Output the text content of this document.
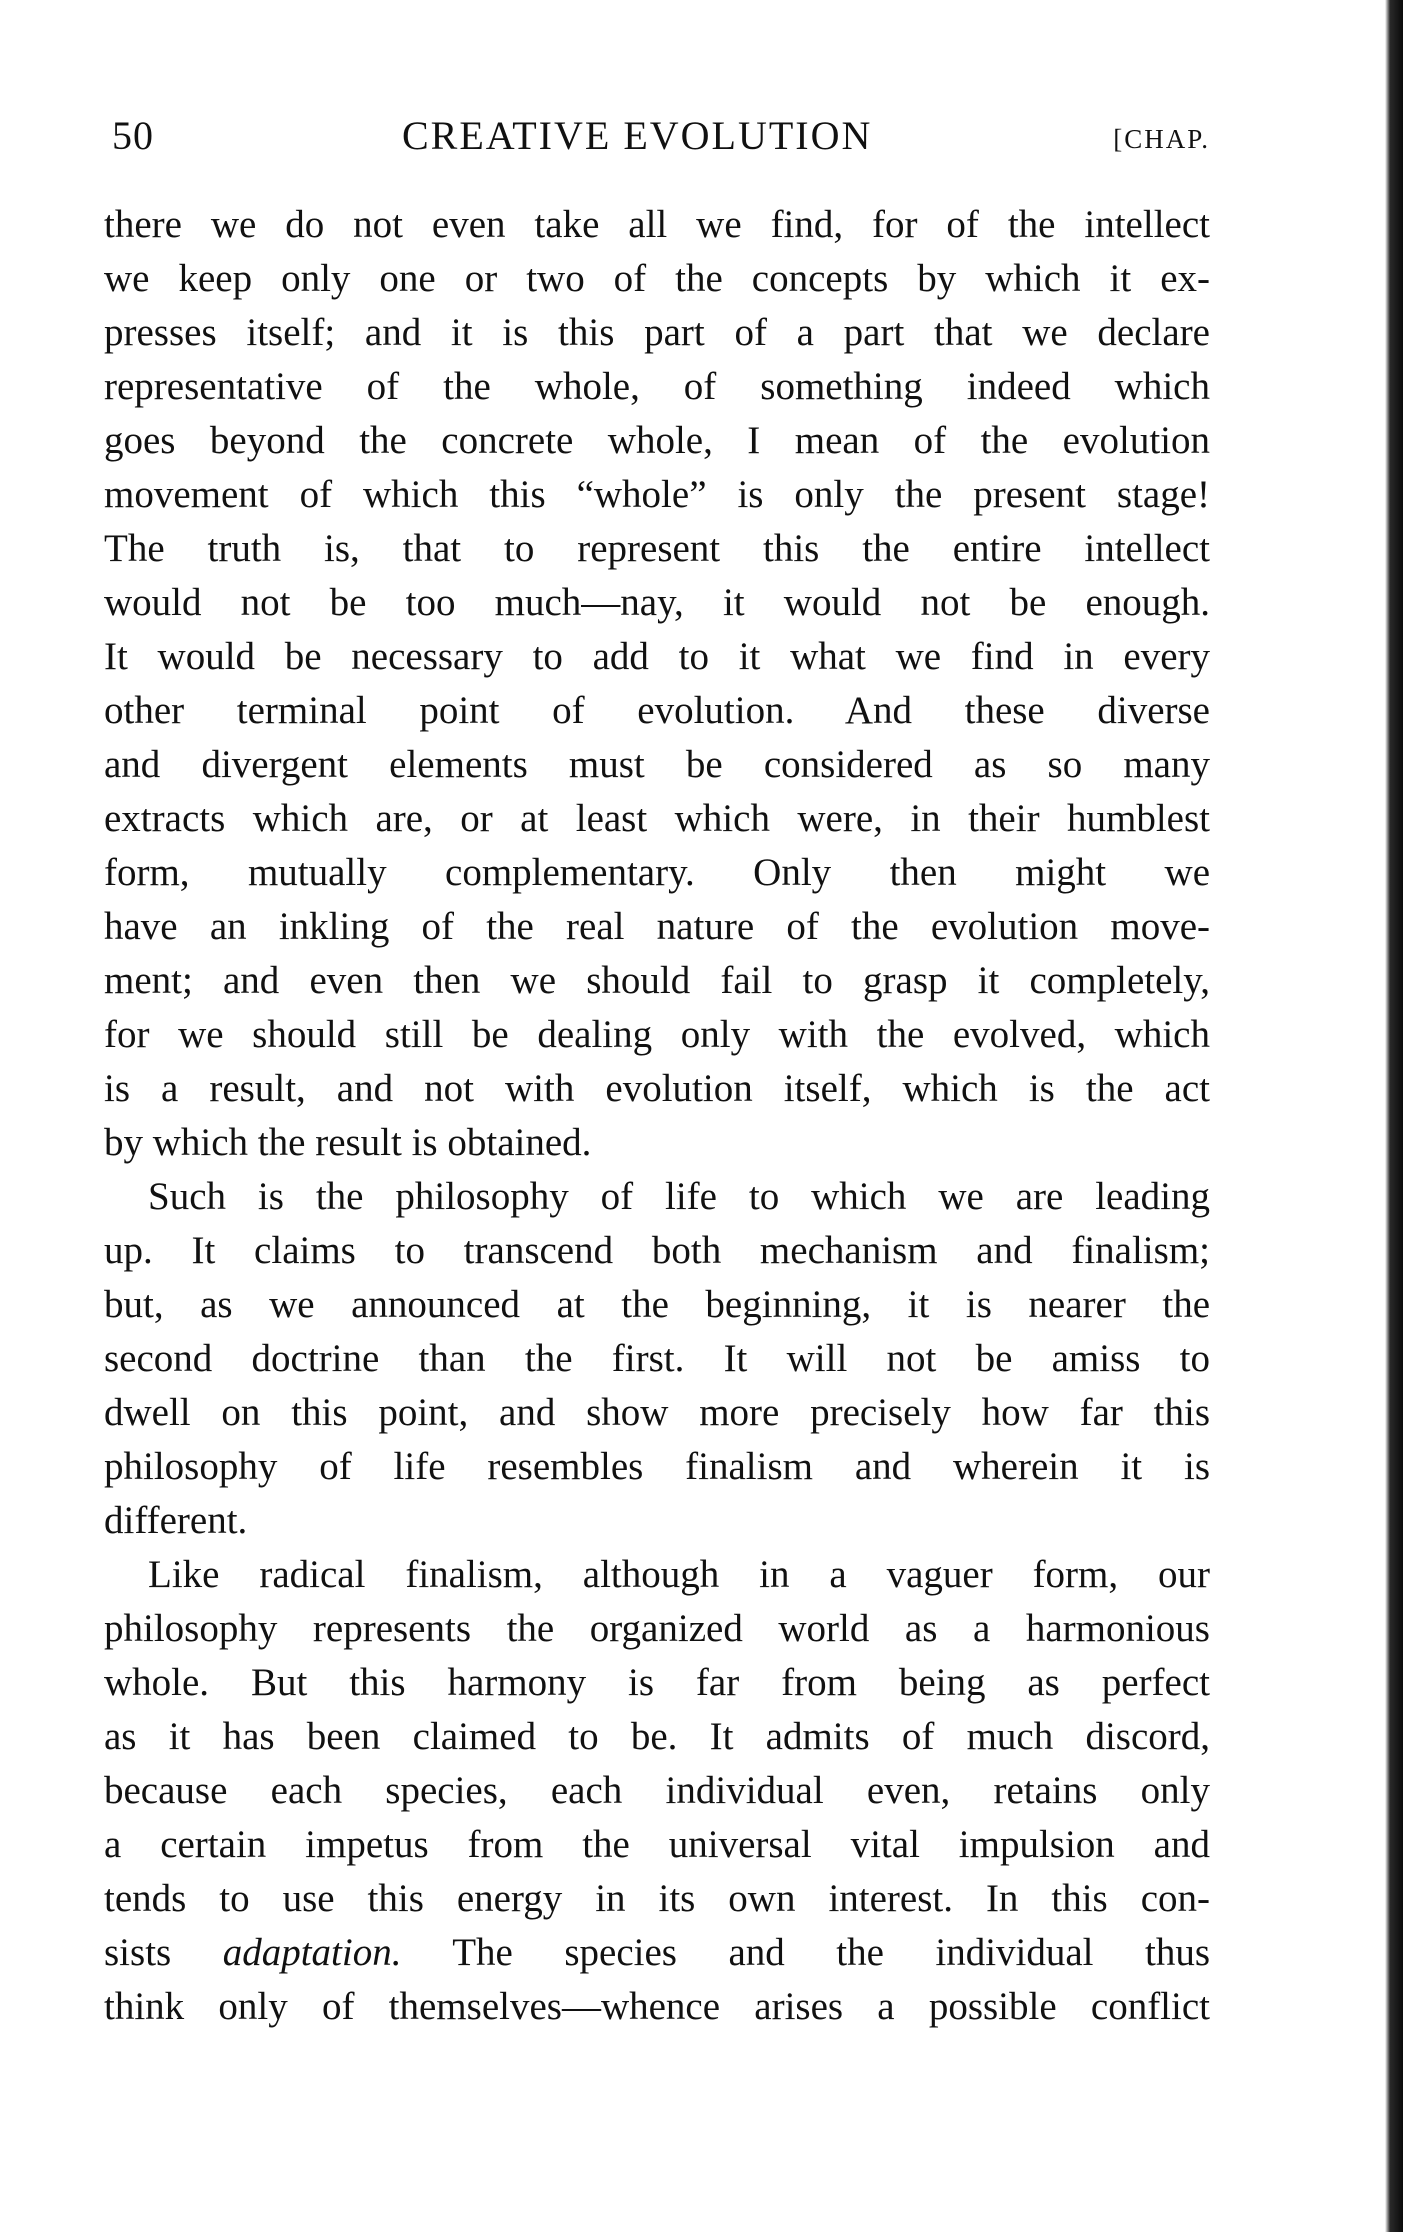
50	CREATIVE EVOLUTION	[CHAP.
there we do not even take all we find, for of the intellect
we keep only one or two of the concepts by which it ex-
presses itself; and it is this part of a part that we declare
representative of the whole, of something indeed which
goes beyond the concrete whole, I mean of the evolution
movement of which this “whole” is only the present stage!
The truth is, that to represent this the entire intellect
would not be too much—nay, it would not be enough.
It would be necessary to add to it what we find in every
other terminal point of evolution. And these diverse
and divergent elements must be considered as so many
extracts which are, or at least which were, in their humblest
form, mutually complementary. Only then might we
have an inkling of the real nature of the evolution move-
ment; and even then we should fail to grasp it completely,
for we should still be dealing only with the evolved, which
is a result, and not with evolution itself, which is the act
by which the result is obtained.
Such is the philosophy of life to which we are leading
up. It claims to transcend both mechanism and finalism;
but, as we announced at the beginning, it is nearer the
second doctrine than the first. It will not be amiss to
dwell on this point, and show more precisely how far this
philosophy of life resembles finalism and wherein it is
different.
Like radical finalism, although in a vaguer form, our
philosophy represents the organized world as a harmonious
whole. But this harmony is far from being as perfect
as it has been claimed to be. It admits of much discord,
because each species, each individual even, retains only
a certain impetus from the universal vital impulsion and
tends to use this energy in its own interest. In this con-
sists adaptation. The species and the individual thus
think only of themselves—whence arises a possible conflict
